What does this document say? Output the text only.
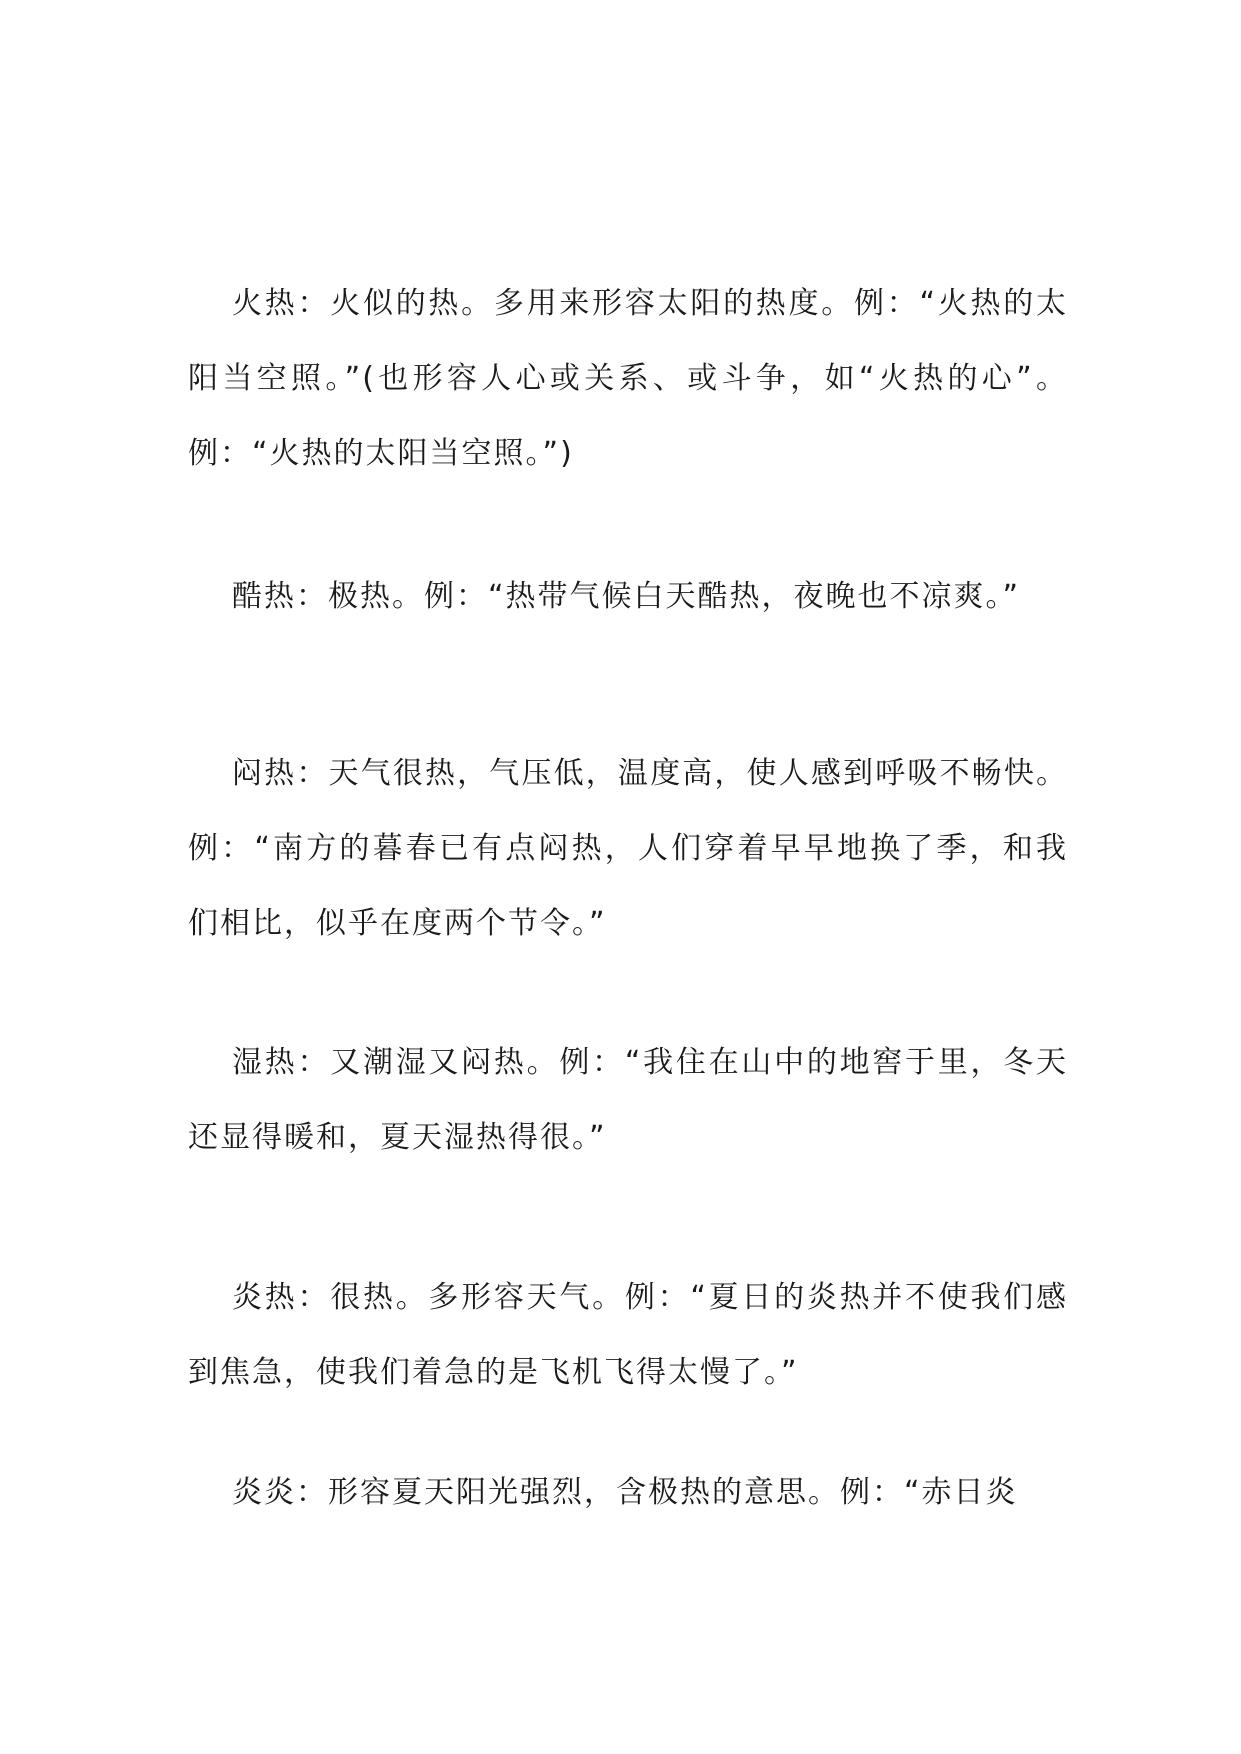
火热：火似的热。多用来形容太阳的热度。例：“火热的太阳当空照。”(也形容人心或关系、或斗争，如“火热的心”。例：“火热的太阳当空照。”)

酷热：极热。例：“热带气候白天酷热，夜晚也不凉爽。”

闷热：天气很热，气压低，温度高，使人感到呼吸不畅快。例：“南方的暮春已有点闷热，人们穿着早早地换了季，和我们相比，似乎在度两个节令。”

湿热：又潮湿又闷热。例：“我住在山中的地窖于里，冬天还显得暖和，夏天湿热得很。”

炎热：很热。多形容天气。例：“夏日的炎热并不使我们感到焦急，使我们着急的是飞机飞得太慢了。”

炎炎：形容夏天阳光强烈，含极热的意思。例：“赤日炎
